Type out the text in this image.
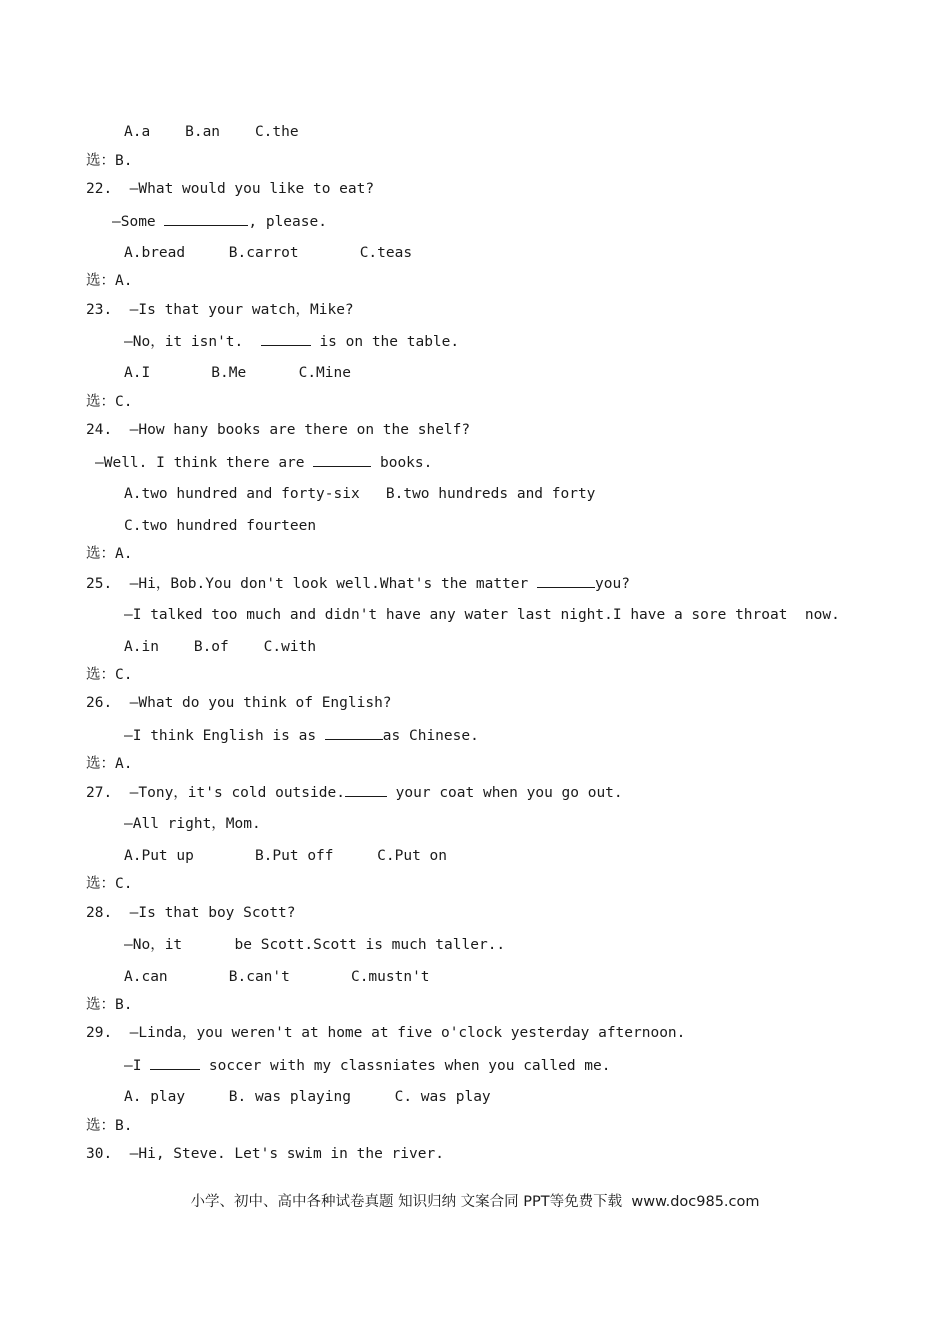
A.a    B.an    C.the
选：B.
22.  —What would you like to eat?
—Some	, please.
A.bread     B.carrot       C.teas
选：A.
23.  —Is that your watch，Mike?
—No，it isn't.	is on the table.
A.I       B.Me      C.Mine
选：C.
24.  —How hany books are there on the shelf?
—Well. I think there are	books.
A.two hundred and forty-six   B.two hundreds and forty
C.two hundred fourteen
选：A.
25.  —Hi，Bob.You don't look well.What's the matter	you?
—I talked too much and didn't have any water last night.I have a sore throat  now.
A.in    B.of    C.with
选：C.
26.  —What do you think of English?
—I think English is as	as Chinese.
选：A.
27.  —Tony，it's cold outside.	your coat when you go out.
—All right，Mom.
A.Put up       B.Put off     C.Put on
选：C.
28.  —Is that boy Scott?
—No，it      be Scott.Scott is much taller..
A.can       B.can't       C.mustn't
选：B.
29.  —Linda，you weren't at home at five o'clock yesterday afternoon.
—I	soccer with my classniates when you called me.
A. play     B. was playing     C. was play
选：B.
30.  —Hi, Steve. Let's swim in the river.
小学、初中、高中各种试卷真题 知识归纳 文案合同 PPT等免费下载  www.doc985.com
